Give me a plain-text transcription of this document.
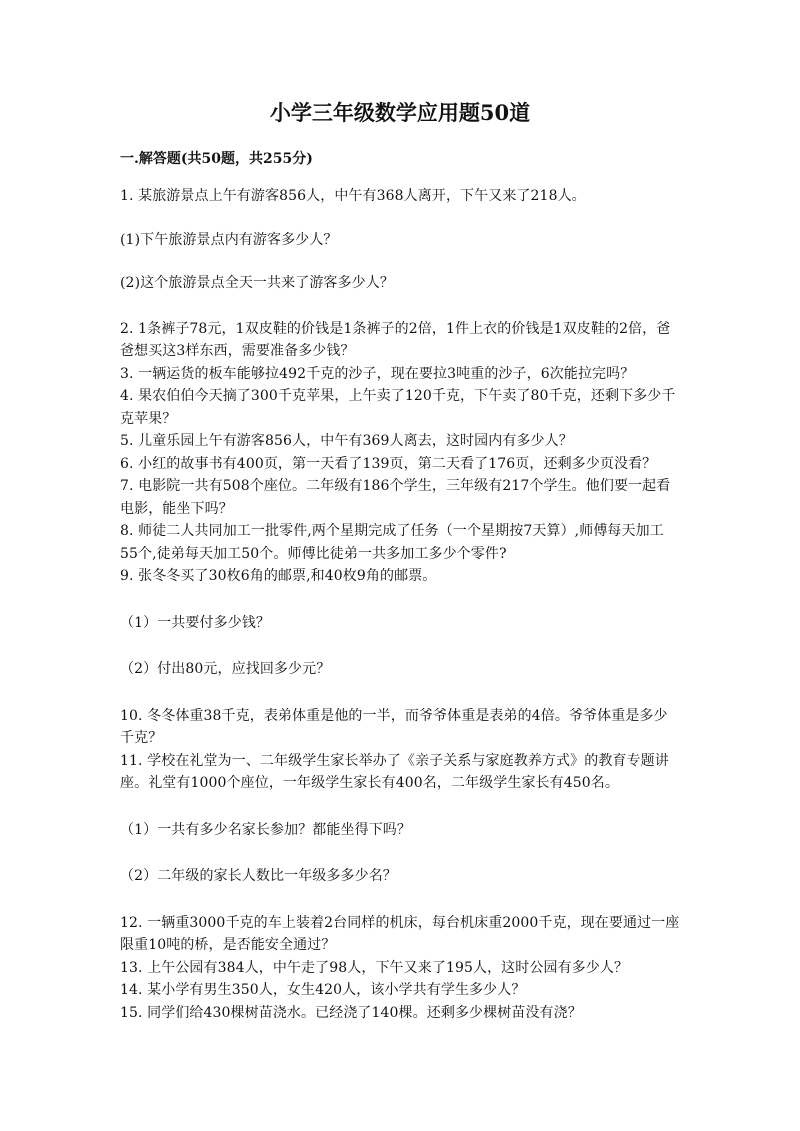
小学三年级数学应用题50道
一.解答题(共50题，共255分)

1. 某旅游景点上午有游客856人，中午有368人离开，下午又来了218人。

(1)下午旅游景点内有游客多少人？

(2)这个旅游景点全天一共来了游客多少人？

2. 1条裤子78元，1双皮鞋的价钱是1条裤子的2倍，1件上衣的价钱是1双皮鞋的2倍，爸爸想买这3样东西，需要准备多少钱？

3. 一辆运货的板车能够拉492千克的沙子，现在要拉3吨重的沙子，6次能拉完吗？

4. 果农伯伯今天摘了300千克苹果，上午卖了120千克，下午卖了80千克，还剩下多少千克苹果？

5. 儿童乐园上午有游客856人，中午有369人离去，这时园内有多少人？

6. 小红的故事书有400页，第一天看了139页，第二天看了176页，还剩多少页没看？

7. 电影院一共有508个座位。二年级有186个学生，三年级有217个学生。他们要一起看电影，能坐下吗？

8. 师徒二人共同加工一批零件,两个星期完成了任务（一个星期按7天算）,师傅每天加工55个,徒弟每天加工50个。师傅比徒弟一共多加工多少个零件?

9. 张冬冬买了30枚6角的邮票,和40枚9角的邮票。

（1）一共要付多少钱？

（2）付出80元，应找回多少元？

10. 冬冬体重38千克，表弟体重是他的一半，而爷爷体重是表弟的4倍。爷爷体重是多少千克？

11. 学校在礼堂为一、二年级学生家长举办了《亲子关系与家庭教养方式》的教育专题讲座。礼堂有1000个座位，一年级学生家长有400名，二年级学生家长有450名。

（1）一共有多少名家长参加？都能坐得下吗？

（2）二年级的家长人数比一年级多多少名？

12. 一辆重3000千克的车上装着2台同样的机床，每台机床重2000千克，现在要通过一座限重10吨的桥，是否能安全通过？

13. 上午公园有384人，中午走了98人，下午又来了195人，这时公园有多少人？

14. 某小学有男生350人，女生420人，该小学共有学生多少人？

15. 同学们给430棵树苗浇水。已经浇了140棵。还剩多少棵树苗没有浇？
